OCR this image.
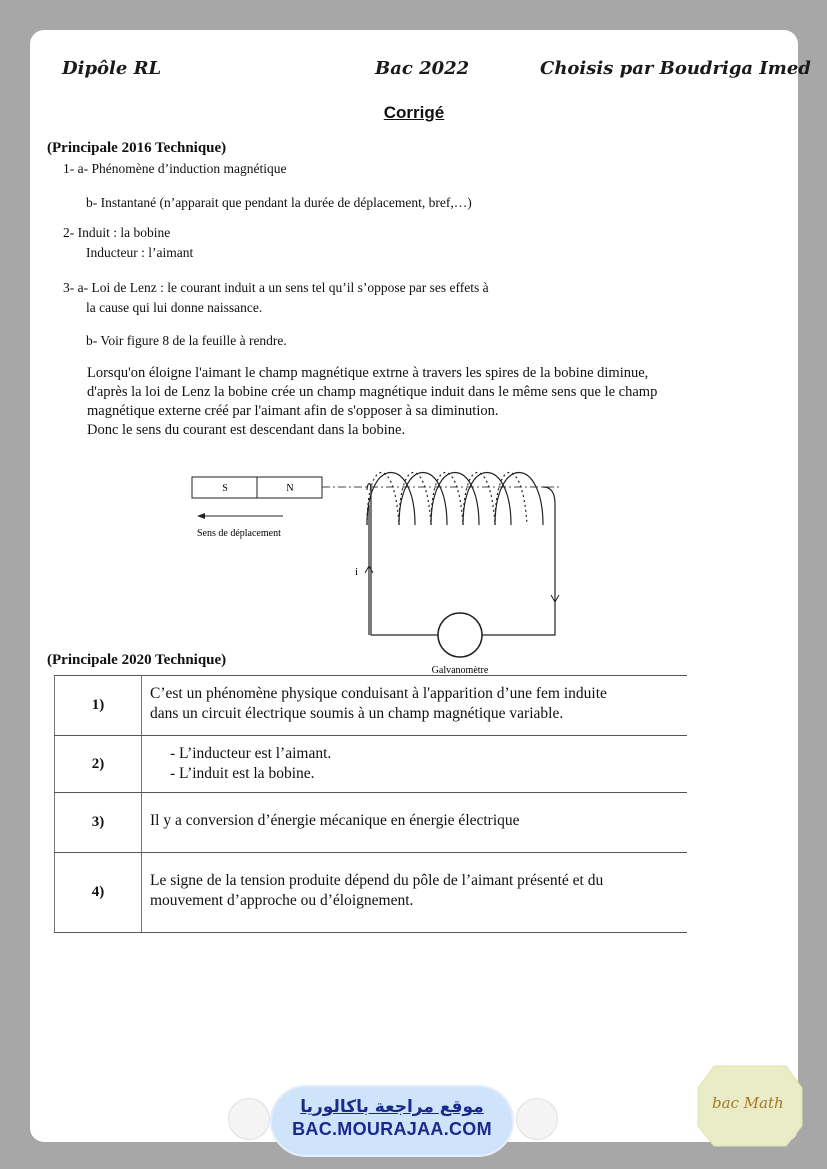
Dipôle RL	Bac 2022	Choisis par Boudriga Imed
Corrigé
(Principale 2016 Technique)
1- a- Phénomène d’induction magnétique
b- Instantané (n’apparait que pendant la durée de déplacement, bref,…)
2- Induit : la bobine
Inducteur : l’aimant
3- a- Loi de Lenz : le courant induit a un sens tel qu’il s’oppose par ses effets à
la cause qui lui donne naissance.
b- Voir figure 8 de la feuille à rendre.
Lorsqu'on éloigne l'aimant le champ magnétique extrne à travers les spires de la bobine diminue,
d'après la loi de Lenz la bobine crée un champ magnétique induit dans le même sens que le champ
magnétique externe créé par l'aimant afin de s'opposer à sa diminution.
Donc le sens du courant est descendant dans la bobine.
S	N
Sens de déplacement
i
Galvanomètre
(Principale 2020 Technique)
1)	C’est un phénomène physique conduisant à l'apparition d’une fem induite
dans un circuit électrique soumis à un champ magnétique variable.

2)	- L’inducteur est l’aimant.
- L’induit est la bobine.

3)	Il y a conversion d’énergie mécanique en énergie électrique

4)	Le signe de la tension produite dépend du pôle de l’aimant présenté et du
mouvement d’approche ou d’éloignement.
موقع مراجعة باكالوريا
BAC.MOURAJAA.COM
bac Math
